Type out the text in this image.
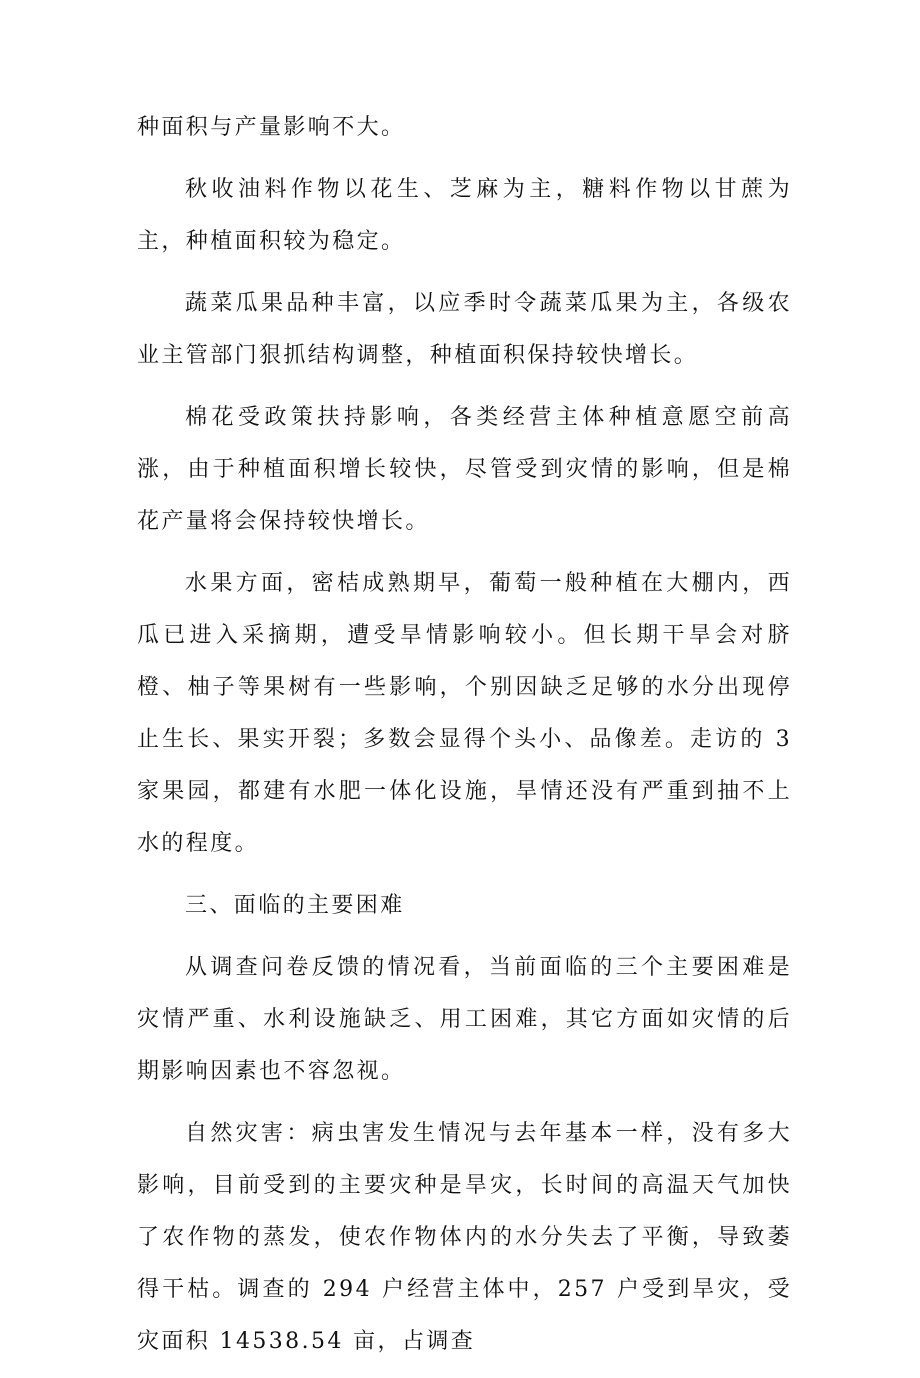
种面积与产量影响不大。

秋收油料作物以花生、芝麻为主，糖料作物以甘蔗为主，种植面积较为稳定。

蔬菜瓜果品种丰富，以应季时令蔬菜瓜果为主，各级农业主管部门狠抓结构调整，种植面积保持较快增长。

棉花受政策扶持影响，各类经营主体种植意愿空前高涨，由于种植面积增长较快，尽管受到灾情的影响，但是棉花产量将会保持较快增长。

水果方面，密桔成熟期早，葡萄一般种植在大棚内，西瓜已进入采摘期，遭受旱情影响较小。但长期干旱会对脐橙、柚子等果树有一些影响，个别因缺乏足够的水分出现停止生长、果实开裂；多数会显得个头小、品像差。走访的 3 家果园，都建有水肥一体化设施，旱情还没有严重到抽不上水的程度。

三、面临的主要困难

从调查问卷反馈的情况看，当前面临的三个主要困难是灾情严重、水利设施缺乏、用工困难，其它方面如灾情的后期影响因素也不容忽视。

自然灾害：病虫害发生情况与去年基本一样，没有多大影响，目前受到的主要灾种是旱灾，长时间的高温天气加快了农作物的蒸发，使农作物体内的水分失去了平衡，导致萎得干枯。调查的 294 户经营主体中，257 户受到旱灾，受灾面积 14538.54 亩，占调查
